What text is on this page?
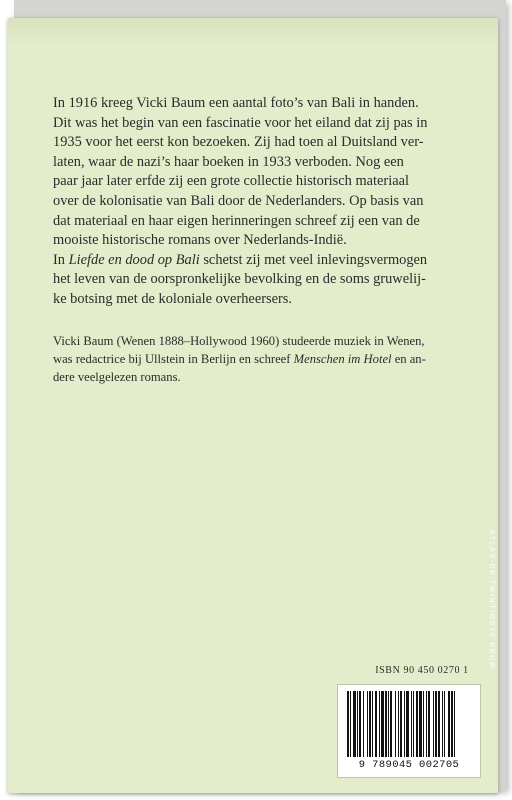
In 1916 kreeg Vicki Baum een aantal foto’s van Bali in handen.
Dit was het begin van een fascinatie voor het eiland dat zij pas in
1935 voor het eerst kon bezoeken. Zij had toen al Duitsland ver-
laten, waar de nazi’s haar boeken in 1933 verboden. Nog een
paar jaar later erfde zij een grote collectie historisch materiaal
over de kolonisatie van Bali door de Nederlanders. Op basis van
dat materiaal en haar eigen herinneringen schreef zij een van de
mooiste historische romans over Nederlands-Indië.
In Liefde en dood op Bali schetst zij met veel inlevingsvermogen
het leven van de oorspronkelijke bevolking en de soms gruwelij-
ke botsing met de koloniale overheersers.
Vicki Baum (Wenen 1888–Hollywood 1960) studeerde muziek in Wenen,
was redactrice bij Ullstein in Berlijn en schreef Menschen im Hotel en an-
dere veelgelezen romans.
ATLAS-DE TWINTIGSTE EEUW
ISBN 90 450 0270 1
9 789045 002705
